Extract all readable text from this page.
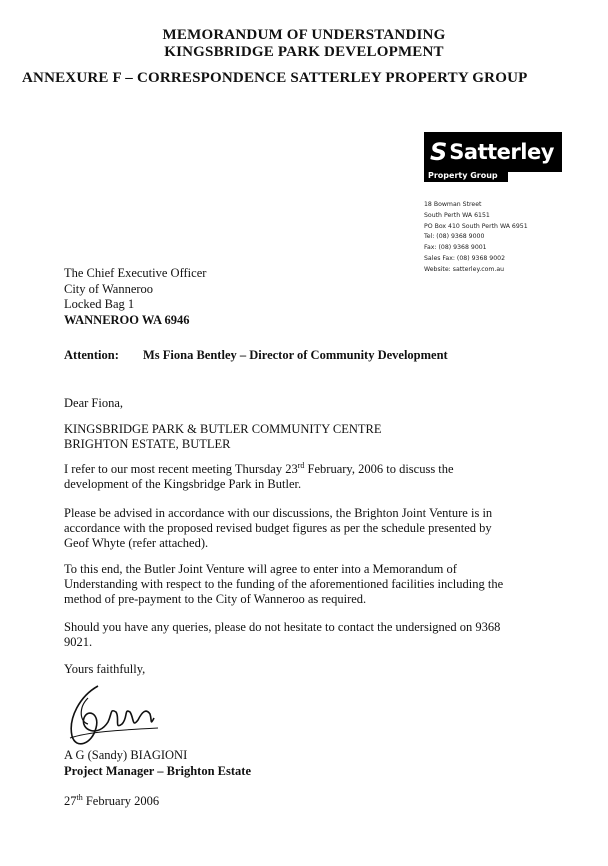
MEMORANDUM OF UNDERSTANDING
KINGSBRIDGE PARK DEVELOPMENT
ANNEXURE F – CORRESPONDENCE SATTERLEY PROPERTY GROUP
S Satterley
Property Group
18 Bowman Street
South Perth WA 6151
PO Box 410 South Perth WA 6951
Tel: (08) 9368 9000
Fax: (08) 9368 9001
Sales Fax: (08) 9368 9002
Website: satterley.com.au
The Chief Executive Officer
City of Wanneroo
Locked Bag 1
WANNEROO WA 6946
Attention: Ms Fiona Bentley – Director of Community Development
Dear Fiona,
KINGSBRIDGE PARK & BUTLER COMMUNITY CENTRE
BRIGHTON ESTATE, BUTLER
I refer to our most recent meeting Thursday 23rd February, 2006 to discuss the development of the Kingsbridge Park in Butler.
Please be advised in accordance with our discussions, the Brighton Joint Venture is in accordance with the proposed revised budget figures as per the schedule presented by Geof Whyte (refer attached).
To this end, the Butler Joint Venture will agree to enter into a Memorandum of Understanding with respect to the funding of the aforementioned facilities including the method of pre-payment to the City of Wanneroo as required.
Should you have any queries, please do not hesitate to contact the undersigned on 9368 9021.
Yours faithfully,
A G (Sandy) BIAGIONI
Project Manager – Brighton Estate
27th February 2006
